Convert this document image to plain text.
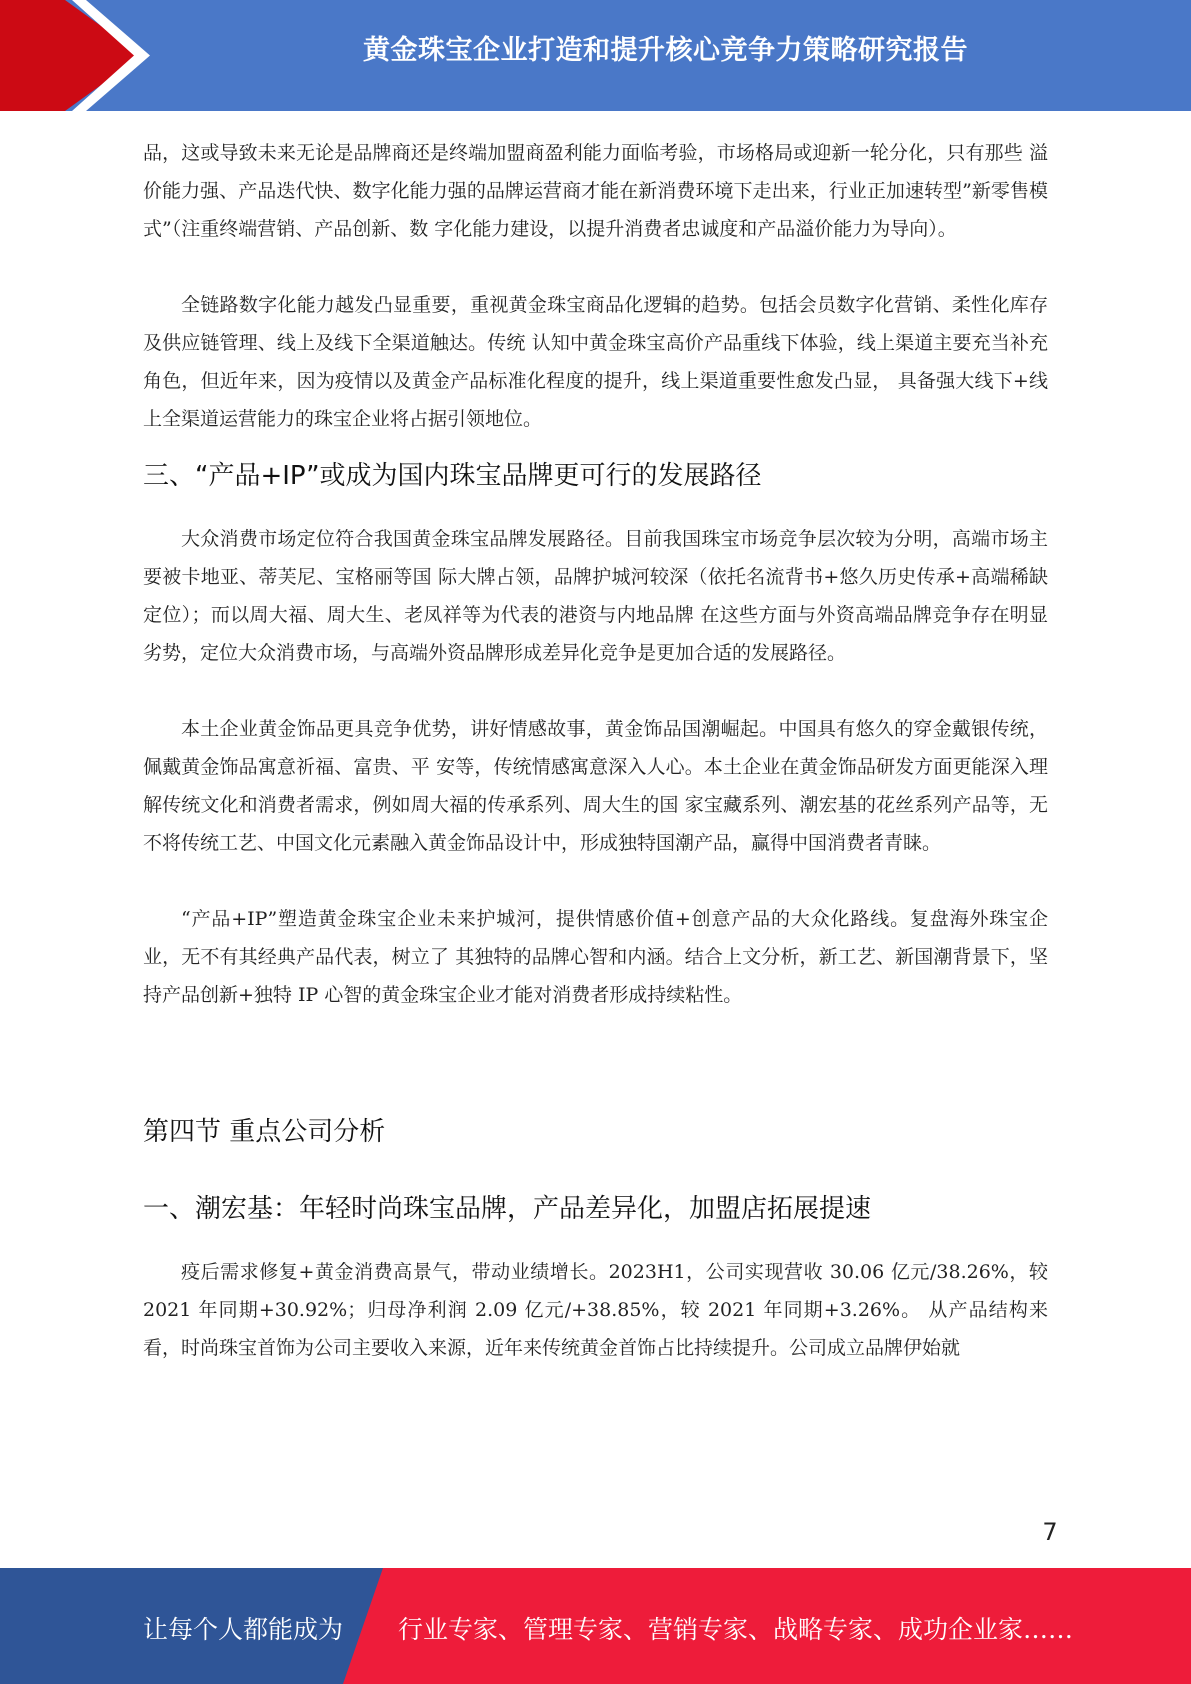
黄金珠宝企业打造和提升核心竞争力策略研究报告

品，这或导致未来无论是品牌商还是终端加盟商盈利能力面临考验，市场格局或迎新一轮分化，只有那些 溢价能力强、产品迭代快、数字化能力强的品牌运营商才能在新消费环境下走出来，行业正加速转型”新零售模式”（注重终端营销、产品创新、数 字化能力建设，以提升消费者忠诚度和产品溢价能力为导向）。

全链路数字化能力越发凸显重要，重视黄金珠宝商品化逻辑的趋势。包括会员数字化营销、柔性化库存及供应链管理、线上及线下全渠道触达。传统 认知中黄金珠宝高价产品重线下体验，线上渠道主要充当补充角色，但近年来，因为疫情以及黄金产品标准化程度的提升，线上渠道重要性愈发凸显， 具备强大线下+线上全渠道运营能力的珠宝企业将占据引领地位。

三、“产品+IP”或成为国内珠宝品牌更可行的发展路径

大众消费市场定位符合我国黄金珠宝品牌发展路径。目前我国珠宝市场竞争层次较为分明，高端市场主要被卡地亚、蒂芙尼、宝格丽等国 际大牌占领，品牌护城河较深（依托名流背书+悠久历史传承+高端稀缺定位）；而以周大福、周大生、老凤祥等为代表的港资与内地品牌 在这些方面与外资高端品牌竞争存在明显劣势，定位大众消费市场，与高端外资品牌形成差异化竞争是更加合适的发展路径。

本土企业黄金饰品更具竞争优势，讲好情感故事，黄金饰品国潮崛起。中国具有悠久的穿金戴银传统，佩戴黄金饰品寓意祈福、富贵、平 安等，传统情感寓意深入人心。本土企业在黄金饰品研发方面更能深入理解传统文化和消费者需求，例如周大福的传承系列、周大生的国 家宝藏系列、潮宏基的花丝系列产品等，无不将传统工艺、中国文化元素融入黄金饰品设计中，形成独特国潮产品，赢得中国消费者青睐。

“产品+IP”塑造黄金珠宝企业未来护城河，提供情感价值+创意产品的大众化路线。复盘海外珠宝企业，无不有其经典产品代表，树立了 其独特的品牌心智和内涵。结合上文分析，新工艺、新国潮背景下，坚持产品创新+独特 IP 心智的黄金珠宝企业才能对消费者形成持续粘性。

第四节 重点公司分析
一、潮宏基：年轻时尚珠宝品牌，产品差异化，加盟店拓展提速

疫后需求修复+黄金消费高景气，带动业绩增长。2023H1，公司实现营收 30.06 亿元/38.26%，较 2021 年同期+30.92%；归母净利润 2.09 亿元/+38.85%，较 2021 年同期+3.26%。 从产品结构来看，时尚珠宝首饰为公司主要收入来源，近年来传统黄金首饰占比持续提升。公司成立品牌伊始就

7
让每个人都能成为 行业专家、管理专家、营销专家、战略专家、成功企业家……
